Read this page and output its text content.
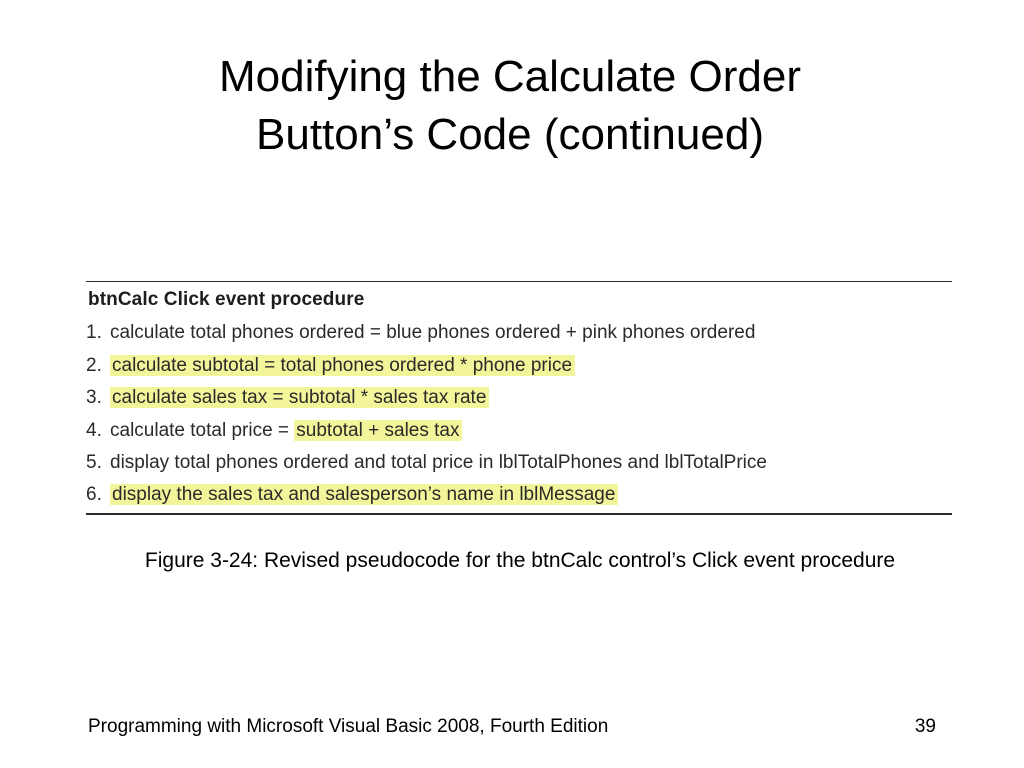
Modifying the Calculate Order
Button’s Code (continued)
btnCalc Click event procedure
1. calculate total phones ordered = blue phones ordered + pink phones ordered
2. calculate subtotal = total phones ordered * phone price
3. calculate sales tax = subtotal * sales tax rate
4. calculate total price = subtotal + sales tax
5. display total phones ordered and total price in lblTotalPhones and lblTotalPrice
6. display the sales tax and salesperson’s name in lblMessage
Figure 3-24: Revised pseudocode for the btnCalc control’s Click event procedure
Programming with Microsoft Visual Basic 2008, Fourth Edition	39
